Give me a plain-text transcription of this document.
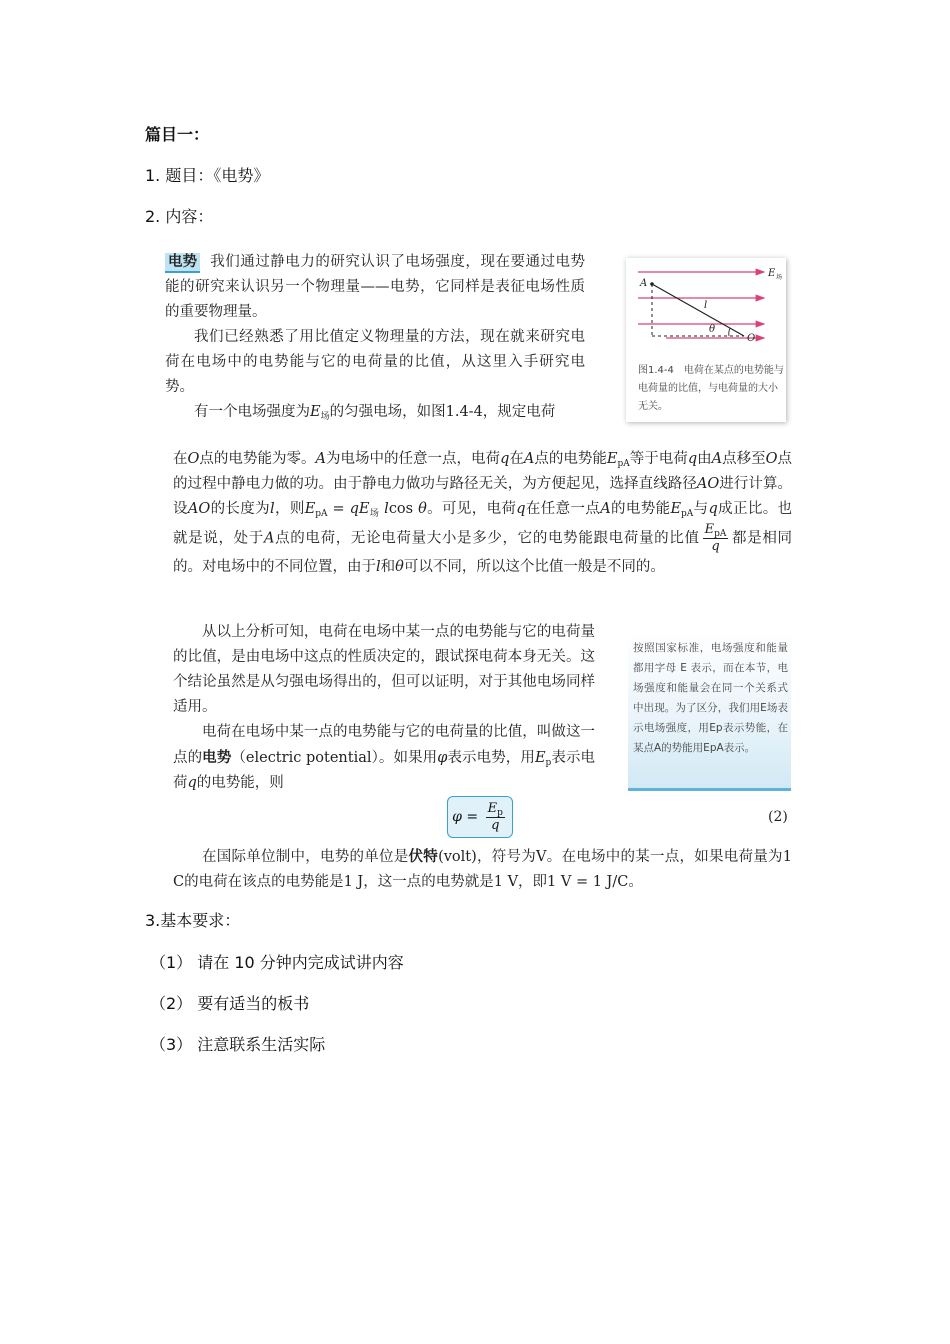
篇目一：
1. 题目：《电势》
2. 内容：

电势 我们通过静电力的研究认识了电场强度，现在要通过电势能的研究来认识另一个物理量——电势，它同样是表征电场性质的重要物理量。

我们已经熟悉了用比值定义物理量的方法，现在就来研究电荷在电场中的电势能与它的电荷量的比值，从这里入手研究电势。

有一个电场强度为$E_场$的匀强电场，如图1.4-4，规定电荷

A
O
l
θ
E 场
图1.4-4　电荷在某点的电势能与电荷量的比值，与电荷量的大小无关。

在O点的电势能为零。A为电场中的任意一点，电荷q在A点的电势能$E_{pA}$等于电荷q由A点移至O点的过程中静电力做的功。由于静电力做功与路径无关，为方便起见，选择直线路径AO进行计算。设AO的长度为l，则$E_{pA} = qE_场$ lcos θ。可见，电荷q在任意一点A的电势能$E_{pA}$与q成正比。也就是说，处于A点的电荷，无论电荷量大小是多少，它的电势能跟电荷量的比值 $\frac{E_{pA}}{q}$ 都是相同的。对电场中的不同位置，由于l和θ可以不同，所以这个比值一般是不同的。

从以上分析可知，电荷在电场中某一点的电势能与它的电荷量的比值，是由电场中这点的性质决定的，跟试探电荷本身无关。这个结论虽然是从匀强电场得出的，但可以证明，对于其他电场同样适用。

电荷在电场中某一点的电势能与它的电荷量的比值，叫做这一点的电势（electric potential）。如果用φ表示电势，用$E_p$表示电荷q的电势能，则

按照国家标准，电场强度和能量都用字母 E 表示，而在本节，电场强度和能量会在同一个关系式中出现。为了区分，我们用E场表示电场强度，用Ep表示势能，在某点A的势能用EpA表示。
$\varphi = \frac{E_p}{q}$	(2)

在国际单位制中，电势的单位是伏特(volt)，符号为V。在电场中的某一点，如果电荷量为1 C的电荷在该点的电势能是1 J，这一点的电势就是1 V，即1 V = 1 J/C。

3.基本要求：
（1） 请在 10 分钟内完成试讲内容
（2） 要有适当的板书
（3） 注意联系生活实际
